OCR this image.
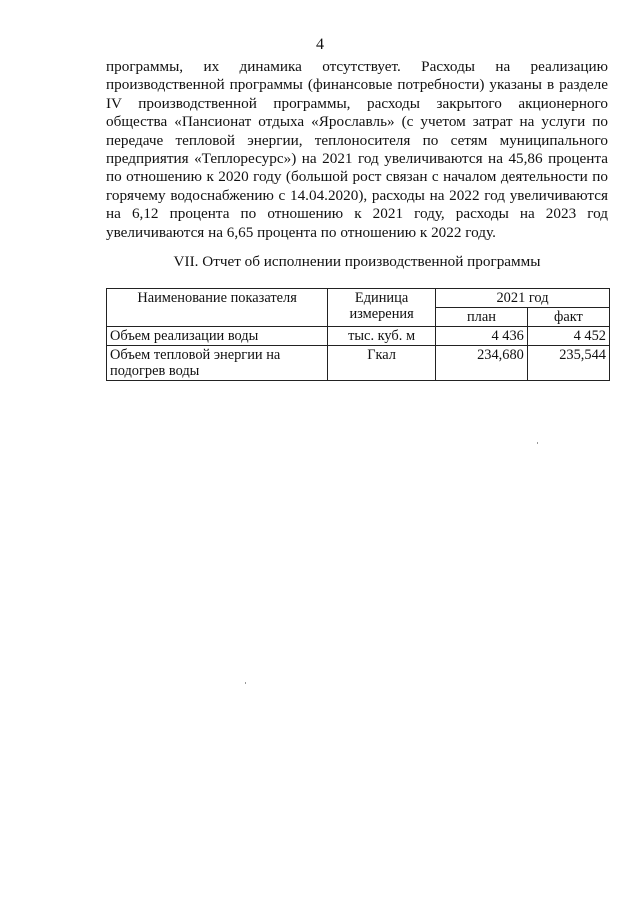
4

программы, их динамика отсутствует. Расходы на реализацию производственной программы (финансовые потребности) указаны в разделе IV производственной программы, расходы закрытого акционерного общества «Пансионат отдыха «Ярославль» (с учетом затрат на услуги по передаче тепловой энергии, теплоносителя по сетям муниципального предприятия «Теплоресурс») на 2021 год увеличиваются на 45,86 процента по отношению к 2020 году (большой рост связан с началом деятельности по горячему водоснабжению с 14.04.2020), расходы на 2022 год увеличиваются на 6,12 процента по отношению к 2021 году, расходы на 2023 год увеличиваются на 6,65 процента по отношению к 2022 году.

VII. Отчет об исполнении производственной программы
Наименование показателя	Единица измерения	2021 год	
		план	факт
Объем реализации воды	тыс. куб. м	4 436	4 452
Объем тепловой энергии на подогрев воды	Гкал	234,680	235,544
